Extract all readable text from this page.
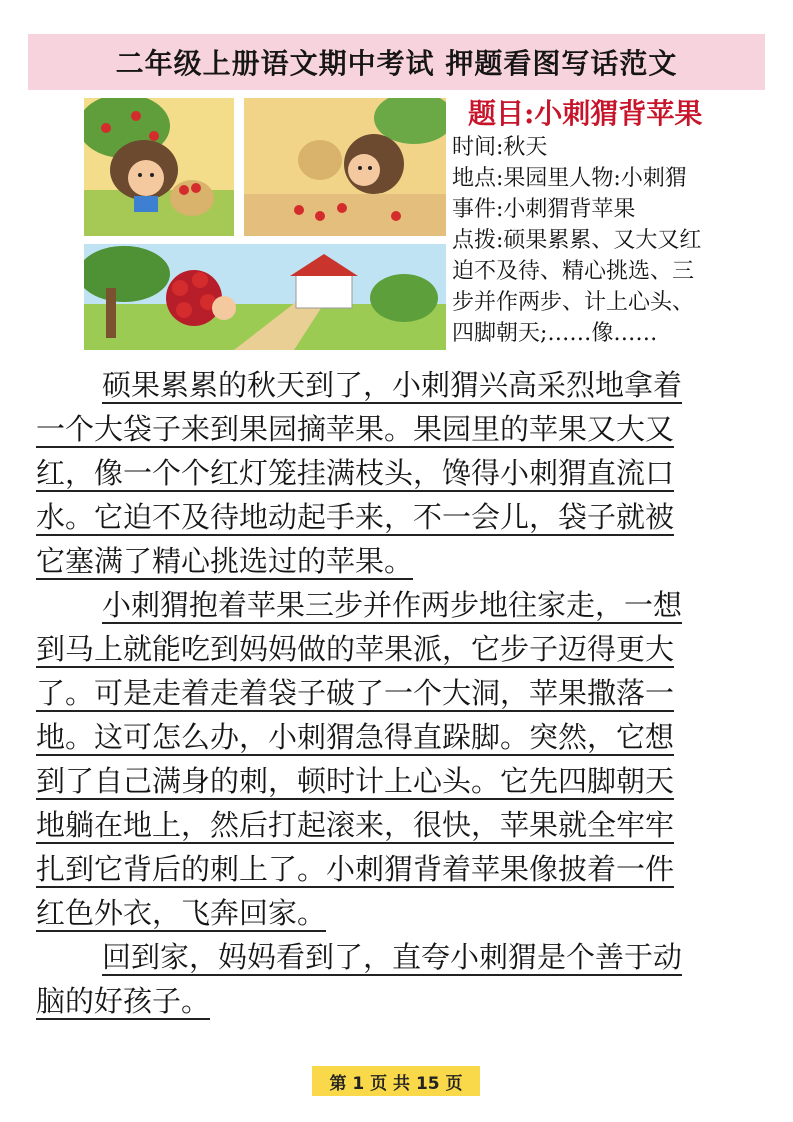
二年级上册语文期中考试 押题看图写话范文
题目:小刺猬背苹果
时间:秋天
地点:果园里人物:小刺猬
事件:小刺猬背苹果
点拨:硕果累累、又大又红
迫不及待、精心挑选、三
步并作两步、计上心头、
四脚朝天;……像……
硕果累累的秋天到了，小刺猬兴高采烈地拿着
一个大袋子来到果园摘苹果。果园里的苹果又大又
红，像一个个红灯笼挂满枝头，馋得小刺猬直流口
水。它迫不及待地动起手来，不一会儿，袋子就被
它塞满了精心挑选过的苹果。
小刺猬抱着苹果三步并作两步地往家走，一想
到马上就能吃到妈妈做的苹果派，它步子迈得更大
了。可是走着走着袋子破了一个大洞，苹果撒落一
地。这可怎么办，小刺猬急得直跺脚。突然，它想
到了自己满身的刺，顿时计上心头。它先四脚朝天
地躺在地上，然后打起滚来，很快，苹果就全牢牢
扎到它背后的刺上了。小刺猬背着苹果像披着一件
红色外衣，飞奔回家。
回到家，妈妈看到了，直夸小刺猬是个善于动
脑的好孩子。
第 1 页 共 15 页
